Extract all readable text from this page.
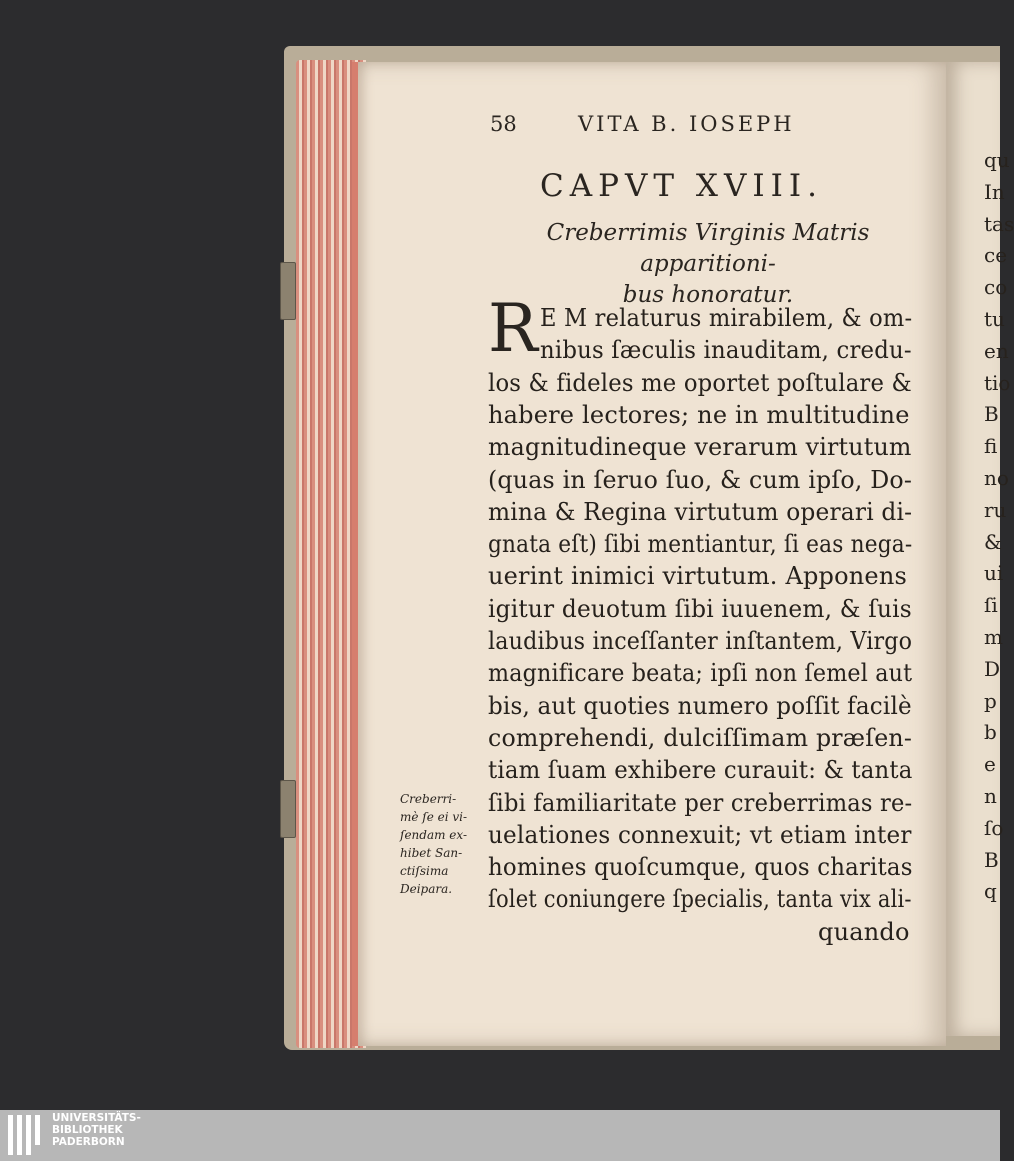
58	VITA B. IOSEPH
CAPVT XVIII.
Creberrimis Virginis Matris apparitioni-
bus honoratur.
R E M relaturus mirabilem, & om-
nibus ſæculis inauditam, credu-
los & fideles me oportet poſtulare &
habere lectores; ne in multitudine
magnitudineque verarum virtutum
(quas in ſeruo ſuo, & cum ipſo, Do-
mina & Regina virtutum operari di-
gnata eſt) ſibi mentiantur, ſi eas nega-
uerint inimici virtutum. Apponens
igitur deuotum ſibi iuuenem, & ſuis
laudibus inceſſanter inſtantem, Virgo
magnificare beata; ipſi non ſemel aut
bis, aut quoties numero poſſit facilè
comprehendi, dulciſſimam præſen-
tiam ſuam exhibere curauit: & tanta
ſibi familiaritate per creberrimas re-
uelationes connexuit; vt etiam inter
homines quoſcumque, quos charitas
ſolet coniungere ſpecialis, tanta vix ali-
quando
Creberri-
mè ſe ei vi-
ſendam ex-
hibet San-
ctiſsima
Deipara.
qu
In
tas
ce
co
tu
en
tio
B
fi
no
ru
&
ui
ſi
m
D
p
b
e
n
ſo
B
q
UNIVERSITÄTS-
BIBLIOTHEK
PADERBORN
